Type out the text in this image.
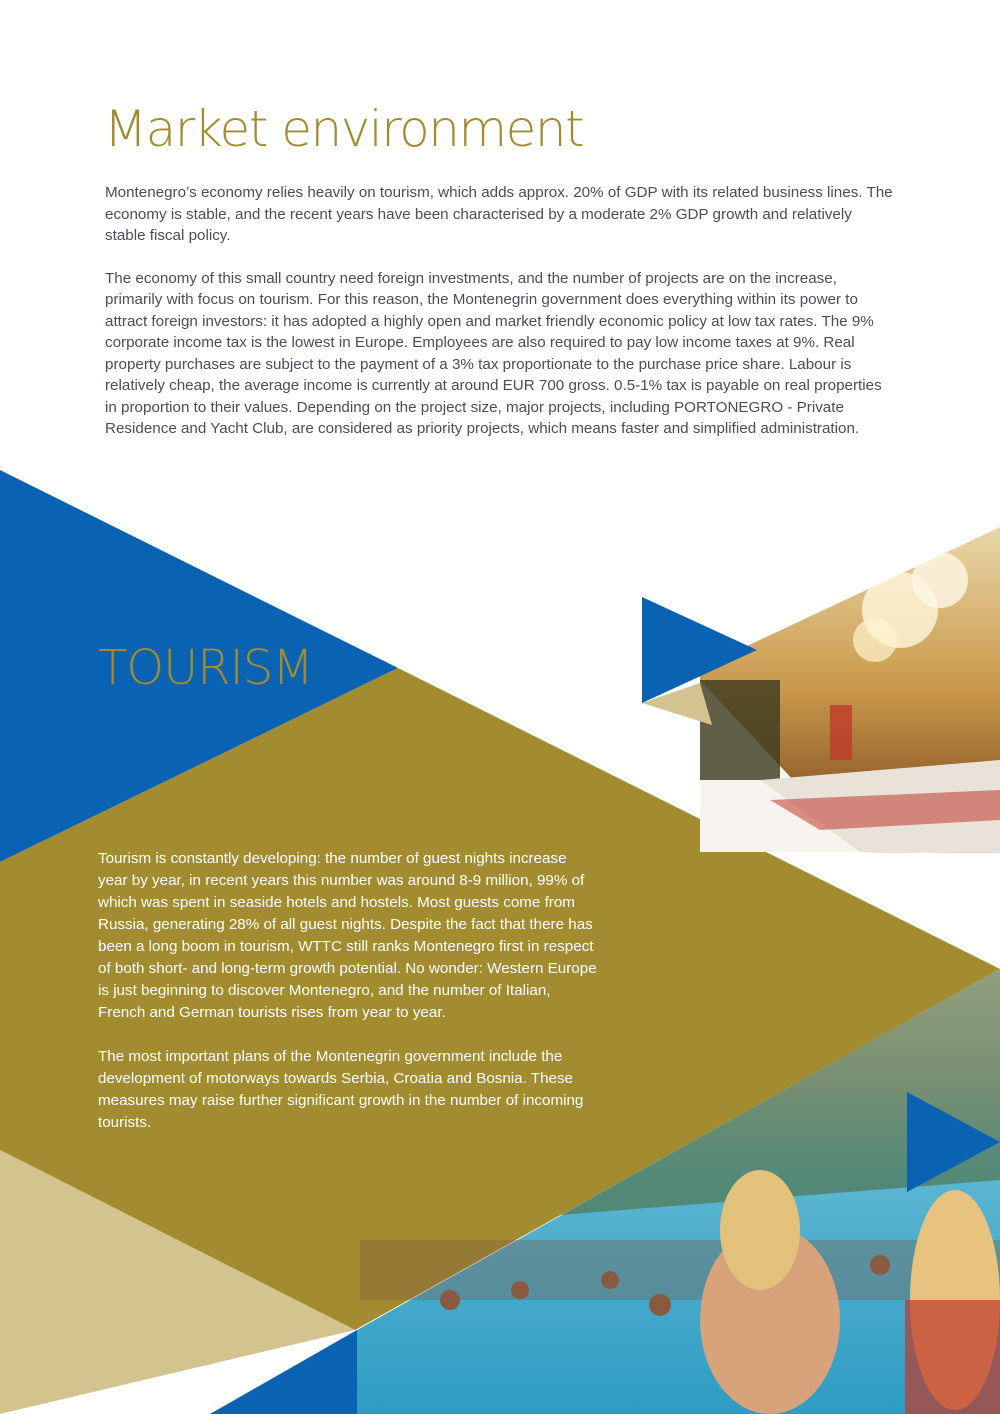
Market environment

Montenegro’s economy relies heavily on tourism, which adds approx. 20% of GDP with its related business lines. The economy is stable, and the recent years have been characterised by a moderate 2% GDP growth and relatively stable fiscal policy.

The economy of this small country need foreign investments, and the number of projects are on the increase, primarily with focus on tourism. For this reason, the Montenegrin government does everything within its power to attract foreign investors: it has adopted a highly open and market friendly economic policy at low tax rates. The 9% corporate income tax is the lowest in Europe. Employees are also required to pay low income taxes at 9%. Real property purchases are subject to the payment of a 3% tax proportionate to the purchase price share. Labour is relatively cheap, the average income is currently at around EUR 700 gross. 0.5-1% tax is payable on real properties in proportion to their values. Depending on the project size, major projects, including PORTONEGRO - Private Residence and Yacht Club, are considered as priority projects, which means faster and simplified administration.

TOURISM

Tourism is constantly developing: the number of guest nights increase year by year, in recent years this number was around 8-9 million, 99% of which was spent in seaside hotels and hostels. Most guests come from Russia, generating 28% of all guest nights. Despite the fact that there has been a long boom in tourism, WTTC still ranks Montenegro first in respect of both short- and long-term growth potential. No wonder: Western Europe is just beginning to discover Montenegro, and the number of Italian, French and German tourists rises from year to year.

The most important plans of the Montenegrin government include the development of motorways towards Serbia, Croatia and Bosnia. These measures may raise further significant growth in the number of incoming tourists.
